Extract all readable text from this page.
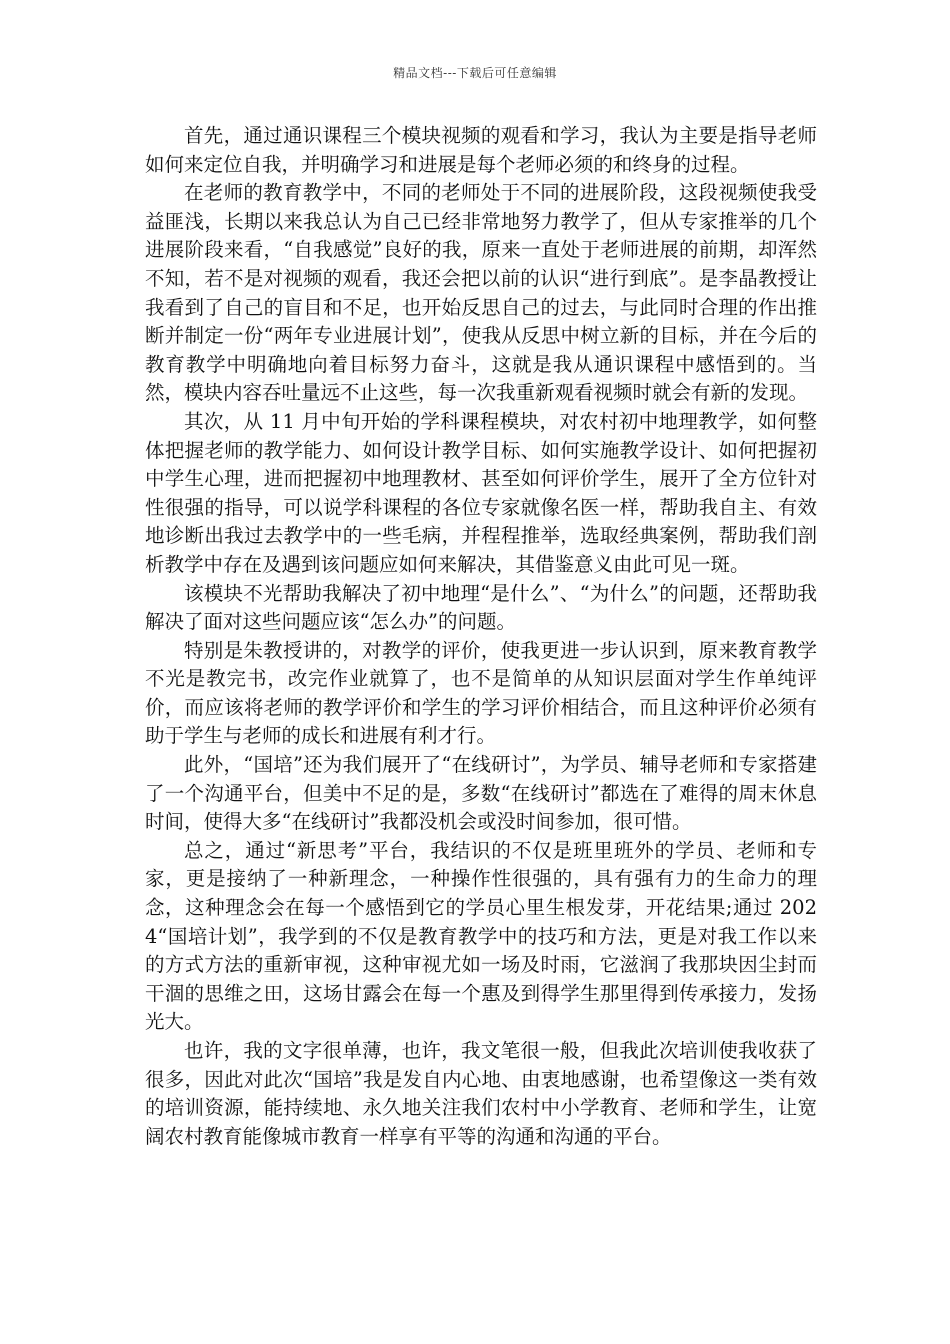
精品文档---下载后可任意编辑

首先，通过通识课程三个模块视频的观看和学习，我认为主要是指导老师如何来定位自我，并明确学习和进展是每个老师必须的和终身的过程。

在老师的教育教学中，不同的老师处于不同的进展阶段，这段视频使我受益匪浅，长期以来我总认为自己已经非常地努力教学了，但从专家推举的几个进展阶段来看，“自我感觉”良好的我，原来一直处于老师进展的前期，却浑然不知，若不是对视频的观看，我还会把以前的认识“进行到底”。是李晶教授让我看到了自己的盲目和不足，也开始反思自己的过去，与此同时合理的作出推断并制定一份“两年专业进展计划”，使我从反思中树立新的目标，并在今后的教育教学中明确地向着目标努力奋斗，这就是我从通识课程中感悟到的。当然，模块内容吞吐量远不止这些，每一次我重新观看视频时就会有新的发现。

其次，从 11 月中旬开始的学科课程模块，对农村初中地理教学，如何整体把握老师的教学能力、如何设计教学目标、如何实施教学设计、如何把握初中学生心理，进而把握初中地理教材、甚至如何评价学生，展开了全方位针对性很强的指导，可以说学科课程的各位专家就像名医一样，帮助我自主、有效地诊断出我过去教学中的一些毛病，并程程推举，选取经典案例，帮助我们剖析教学中存在及遇到该问题应如何来解决，其借鉴意义由此可见一斑。

该模块不光帮助我解决了初中地理“是什么”、“为什么”的问题，还帮助我解决了面对这些问题应该“怎么办”的问题。

特别是朱教授讲的，对教学的评价，使我更进一步认识到，原来教育教学不光是教完书，改完作业就算了，也不是简单的从知识层面对学生作单纯评价，而应该将老师的教学评价和学生的学习评价相结合，而且这种评价必须有助于学生与老师的成长和进展有利才行。

此外，“国培”还为我们展开了“在线研讨”，为学员、辅导老师和专家搭建了一个沟通平台，但美中不足的是，多数“在线研讨”都选在了难得的周末休息时间，使得大多“在线研讨”我都没机会或没时间参加，很可惜。

总之，通过“新思考”平台，我结识的不仅是班里班外的学员、老师和专家，更是接纳了一种新理念，一种操作性很强的，具有强有力的生命力的理念，这种理念会在每一个感悟到它的学员心里生根发芽，开花结果;通过 2024“国培计划”，我学到的不仅是教育教学中的技巧和方法，更是对我工作以来的方式方法的重新审视，这种审视尤如一场及时雨，它滋润了我那块因尘封而干涸的思维之田，这场甘露会在每一个惠及到得学生那里得到传承接力，发扬光大。

也许，我的文字很单薄，也许，我文笔很一般，但我此次培训使我收获了很多，因此对此次“国培”我是发自内心地、由衷地感谢，也希望像这一类有效的培训资源，能持续地、永久地关注我们农村中小学教育、老师和学生，让宽阔农村教育能像城市教育一样享有平等的沟通和沟通的平台。
